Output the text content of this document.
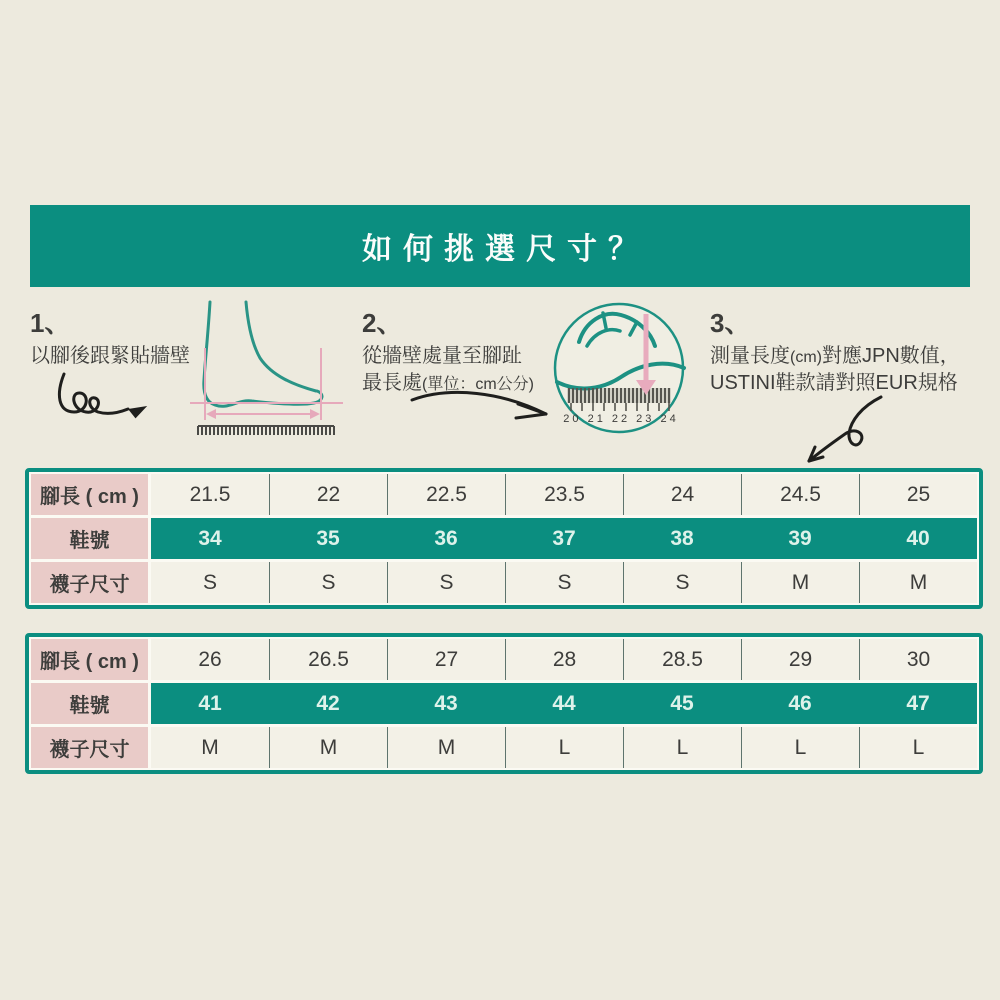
如何挑選尺寸？
1、
以腳後跟緊貼牆壁
2、
從牆壁處量至腳趾
最長處(單位：cm公分)
20 21 22 23 24
3、
測量長度(cm)對應JPN數值，
USTINI鞋款請對照EUR規格
腳長 ( cm )	21.5	22	22.5	23.5	24	24.5	25
鞋號	34	35	36	37	38	39	40
襪子尺寸	S	S	S	S	S	M	M
腳長 ( cm )	26	26.5	27	28	28.5	29	30
鞋號	41	42	43	44	45	46	47
襪子尺寸	M	M	M	L	L	L	L
